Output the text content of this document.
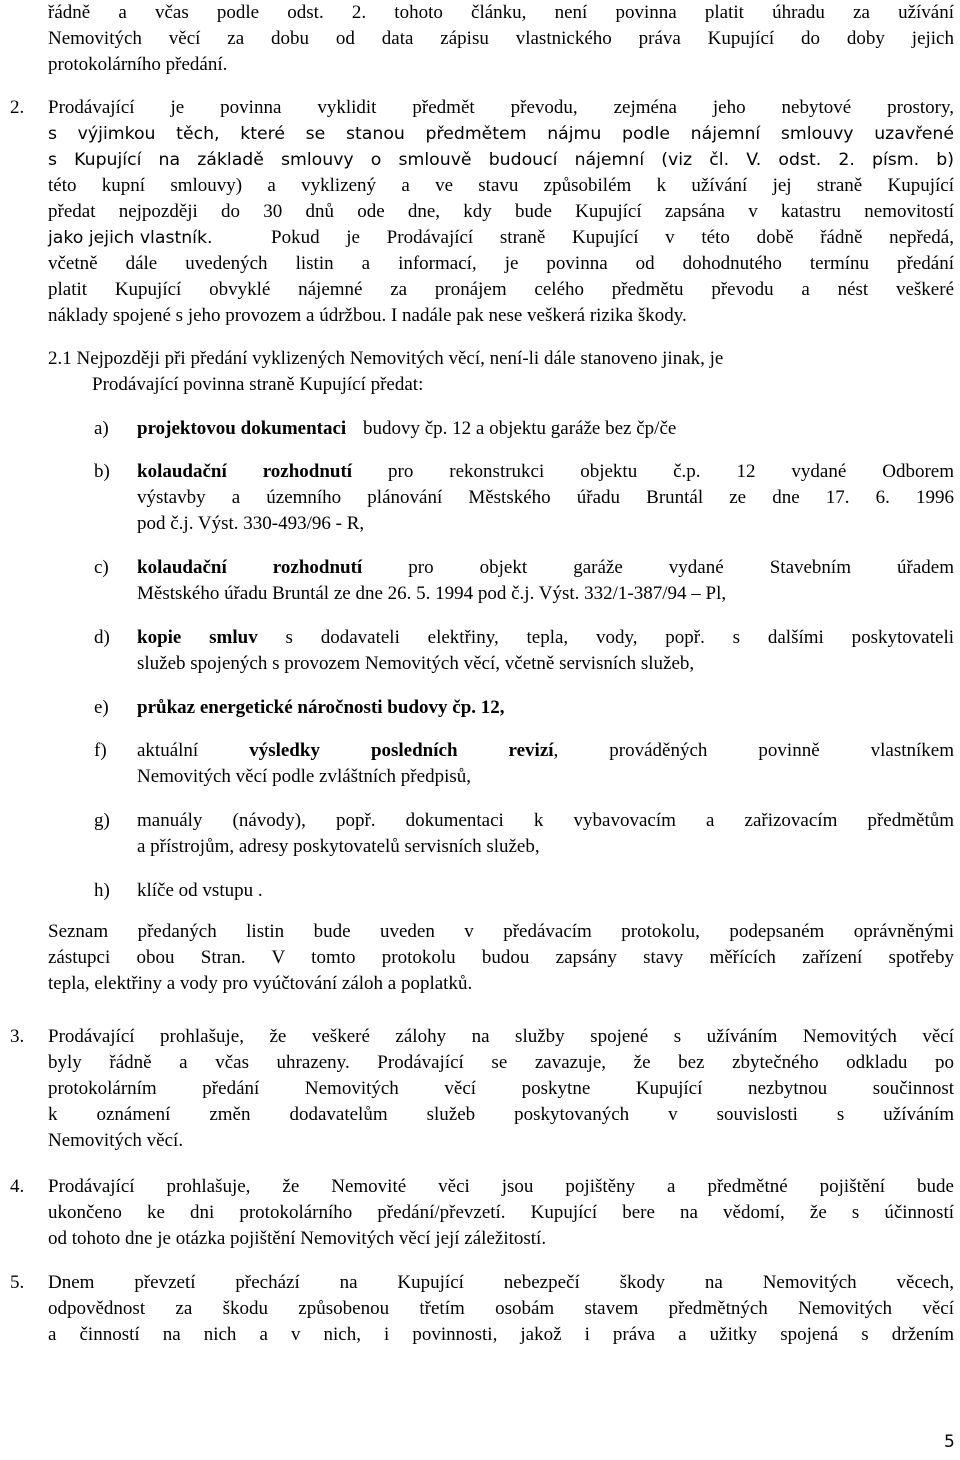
řádně a včas podle odst. 2. tohoto článku, není povinna platit úhradu za užívání
Nemovitých věcí za dobu od data zápisu vlastnického práva Kupující do doby jejich
protokolárního předání.
2. Prodávající je povinna vyklidit předmět převodu, zejména jeho nebytové prostory,
s výjimkou těch, které se stanou předmětem nájmu podle nájemní smlouvy uzavřené
s Kupující na základě smlouvy o smlouvě budoucí nájemní (viz čl. V. odst. 2. písm. b)
této kupní smlouvy) a vyklizený a ve stavu způsobilém k užívání jej straně Kupující
předat nejpozději do 30 dnů ode dne, kdy bude Kupující zapsána v katastru nemovitostí
jako jejich vlastník.	Pokud je Prodávající straně Kupující v této době řádně nepředá,
včetně dále uvedených listin a informací, je povinna od dohodnutého termínu předání
platit Kupující obvyklé nájemné za pronájem celého předmětu převodu a nést veškeré
náklady spojené s jeho provozem a údržbou. I nadále pak nese veškerá rizika škody.
2.1 Nejpozději při předání vyklizených Nemovitých věcí, není-li dále stanoveno jinak, je
Prodávající povinna straně Kupující předat:
a) projektovou dokumentaci budovy čp. 12 a objektu garáže bez čp/če
b) kolaudační rozhodnutí pro rekonstrukci objektu č.p. 12 vydané Odborem
výstavby a územního plánování Městského úřadu Bruntál ze dne 17. 6. 1996
pod č.j. Výst. 330-493/96 - R,
c) kolaudační rozhodnutí pro objekt garáže vydané Stavebním úřadem
Městského úřadu Bruntál ze dne 26. 5. 1994 pod č.j. Výst. 332/1-387/94 – Pl,
d) kopie smluv s dodavateli elektřiny, tepla, vody, popř. s dalšími poskytovateli
služeb spojených s provozem Nemovitých věcí, včetně servisních služeb,
e) průkaz energetické náročnosti budovy čp. 12,
f) aktuální	výsledky posledních revizí, prováděných povinně vlastníkem
Nemovitých věcí podle zvláštních předpisů,
g) manuály (návody), popř. dokumentaci k vybavovacím a zařizovacím předmětům
a přístrojům, adresy poskytovatelů servisních služeb,
h) klíče od vstupu .
Seznam předaných listin bude uveden v předávacím protokolu, podepsaném oprávněnými
zástupci obou Stran. V tomto protokolu budou zapsány stavy měřících zařízení spotřeby
tepla, elektřiny a vody pro vyúčtování záloh a poplatků.
3. Prodávající prohlašuje, že veškeré zálohy na služby spojené s užíváním Nemovitých věcí
byly řádně a včas uhrazeny. Prodávající se zavazuje, že bez zbytečného odkladu po
protokolárním předání Nemovitých věcí poskytne Kupující nezbytnou součinnost
k oznámení změn dodavatelům služeb poskytovaných v souvislosti s užíváním
Nemovitých věcí.
4. Prodávající prohlašuje, že Nemovité věci jsou pojištěny a předmětné pojištění bude
ukončeno ke dni protokolárního předání/převzetí. Kupující bere na vědomí, že s účinností
od tohoto dne je otázka pojištění Nemovitých věcí její záležitostí.
5. Dnem převzetí přechází na Kupující nebezpečí škody na Nemovitých věcech,
odpovědnost za škodu způsobenou třetím osobám stavem předmětných Nemovitých věcí
a činností na nich a v nich, i povinnosti, jakož i práva a užitky spojená s držením
5
